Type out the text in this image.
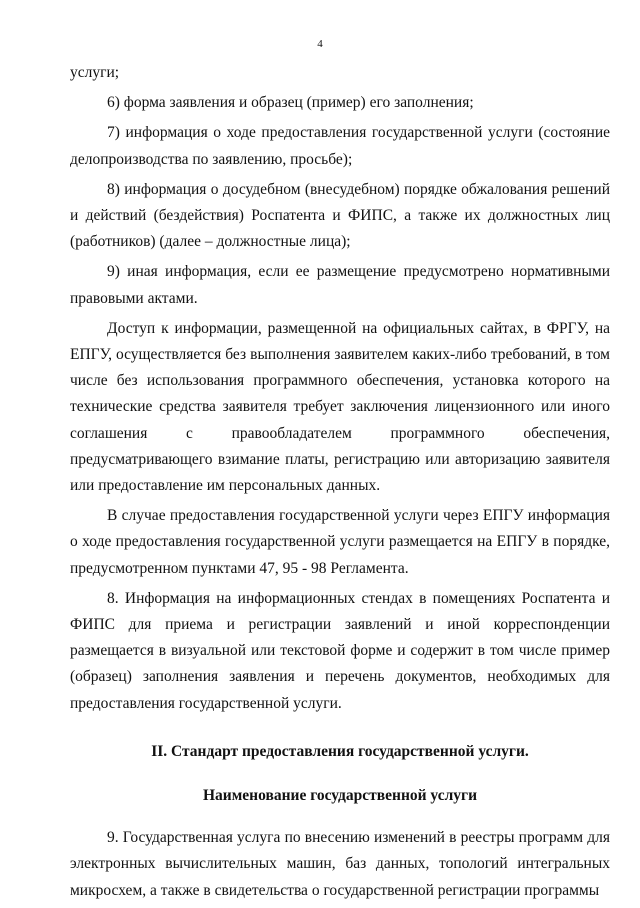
4

услуги;

6) форма заявления и образец (пример) его заполнения;

7) информация о ходе предоставления государственной услуги (состояние делопроизводства по заявлению, просьбе);

8) информация о досудебном (внесудебном) порядке обжалования решений и действий (бездействия) Роспатента и ФИПС, а также их должностных лиц (работников) (далее – должностные лица);

9) иная информация, если ее размещение предусмотрено нормативными правовыми актами.

Доступ к информации, размещенной на официальных сайтах, в ФРГУ, на ЕПГУ, осуществляется без выполнения заявителем каких-либо требований, в том числе без использования программного обеспечения, установка которого на технические средства заявителя требует заключения лицензионного или иного соглашения с правообладателем программного обеспечения, предусматривающего взимание платы, регистрацию или авторизацию заявителя или предоставление им персональных данных.

В случае предоставления государственной услуги через ЕПГУ информация о ходе предоставления государственной услуги размещается на ЕПГУ в порядке, предусмотренном пунктами 47, 95 - 98 Регламента.

8. Информация на информационных стендах в помещениях Роспатента и ФИПС для приема и регистрации заявлений и иной корреспонденции размещается в визуальной или текстовой форме и содержит в том числе пример (образец) заполнения заявления и перечень документов, необходимых для предоставления государственной услуги.

II. Стандарт предоставления государственной услуги.

Наименование государственной услуги

9. Государственная услуга по внесению изменений в реестры программ для электронных вычислительных машин, баз данных, топологий интегральных микросхем, а также в свидетельства о государственной регистрации программы
